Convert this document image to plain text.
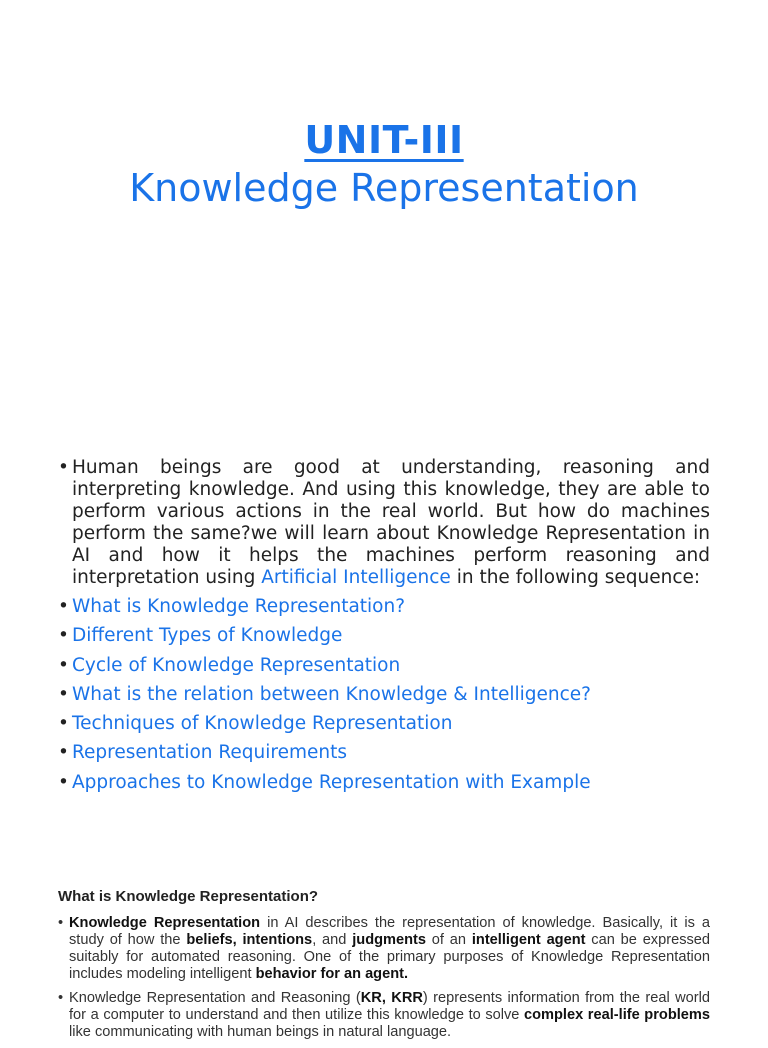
UNIT-III
Knowledge Representation
• Human beings are good at understanding, reasoning and interpreting knowledge. And using this knowledge, they are able to perform various actions in the real world. But how do machines perform the same?we will learn about Knowledge Representation in AI and how it helps the machines perform reasoning and interpretation using Artificial Intelligence in the following sequence:
• What is Knowledge Representation?
• Different Types of Knowledge
• Cycle of Knowledge Representation
• What is the relation between Knowledge & Intelligence?
• Techniques of Knowledge Representation
• Representation Requirements
• Approaches to Knowledge Representation with Example
What is Knowledge Representation?
• Knowledge Representation in AI describes the representation of knowledge. Basically, it is a study of how the beliefs, intentions, and judgments of an intelligent agent can be expressed suitably for automated reasoning. One of the primary purposes of Knowledge Representation includes modeling intelligent behavior for an agent.
• Knowledge Representation and Reasoning (KR, KRR) represents information from the real world for a computer to understand and then utilize this knowledge to solve complex real-life problems like communicating with human beings in natural language.
